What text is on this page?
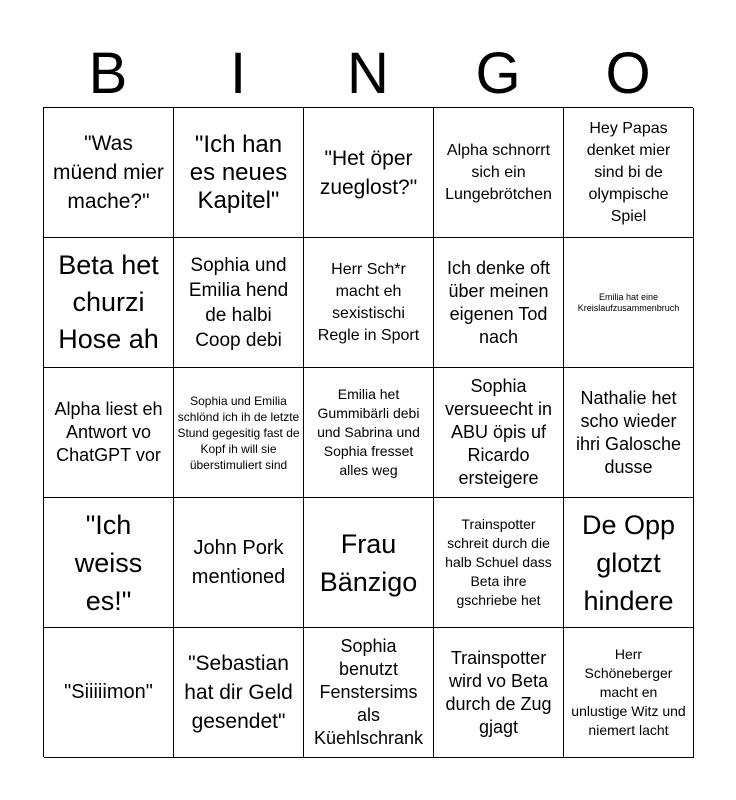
B	I	N	G	O
"Was müend mier mache?"
"Ich han es neues Kapitel"
"Het öper zueglost?"
Alpha schnorrt sich ein Lungebrötchen
Hey Papas denket mier sind bi de olympische Spiel
Beta het churzi Hose ah
Sophia und Emilia hend de halbi Coop debi
Herr Sch*r macht eh sexistischi Regle in Sport
Ich denke oft über meinen eigenen Tod nach
Emilia hat eine Kreislaufzusammenbruch
Alpha liest eh Antwort vo ChatGPT vor
Sophia und Emilia schlönd ich ih de letzte Stund gegesitig fast de Kopf ih will sie überstimuliert sind
Emilia het Gummibärli debi und Sabrina und Sophia fresset alles weg
Sophia versueecht in ABU öpis uf Ricardo ersteigere
Nathalie het scho wieder ihri Galosche dusse
"Ich weiss es!"
John Pork mentioned
Frau Bänzigo
Trainspotter schreit durch die halb Schuel dass Beta ihre gschriebe het
De Opp glotzt hindere
"Siiiiimon"
"Sebastian hat dir Geld gesendet"
Sophia benutzt Fenstersims als Küehlschrank
Trainspotter wird vo Beta durch de Zug gjagt
Herr Schöneberger macht en unlustige Witz und niemert lacht
